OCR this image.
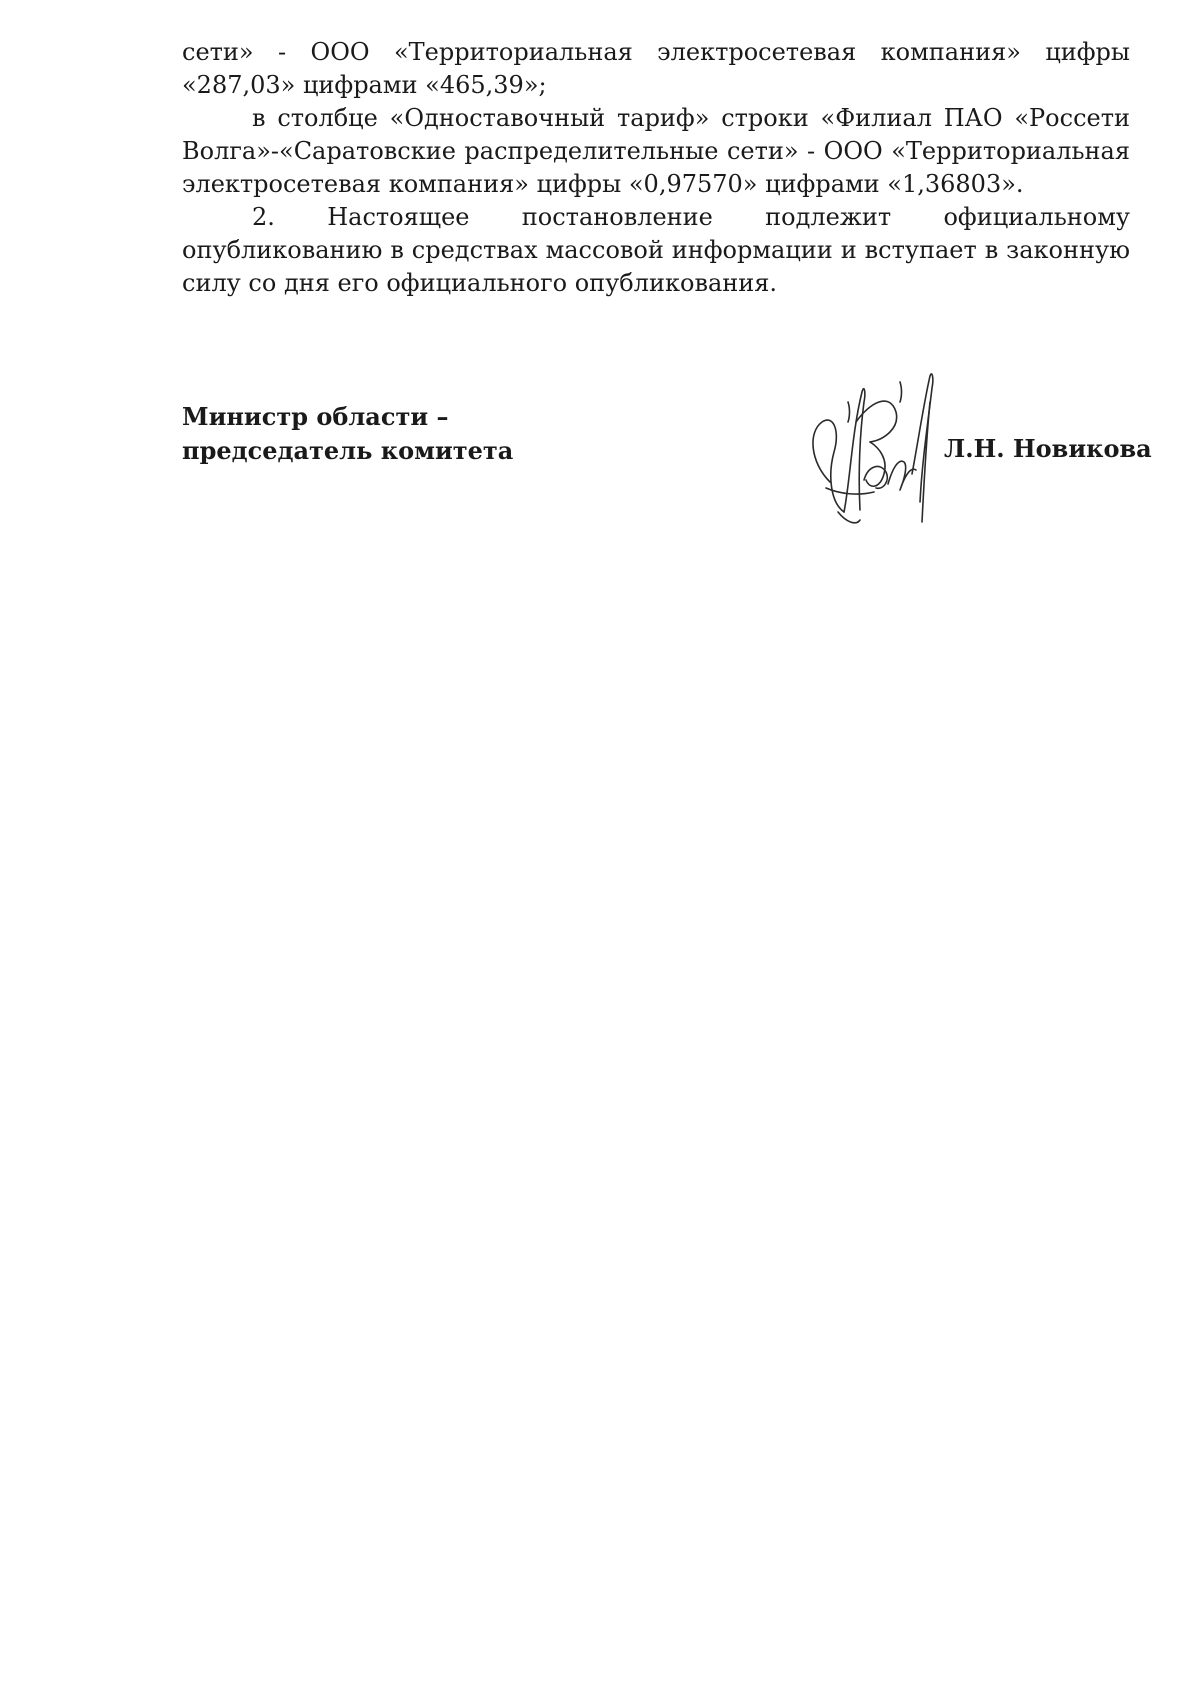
сети» - ООО «Территориальная электросетевая компания» цифры «287,03» цифрами «465,39»;

в столбце «Одноставочный тариф» строки «Филиал ПАО «Россети Волга»-«Саратовские распределительные сети» - ООО «Территориальная электросетевая компания» цифры «0,97570» цифрами «1,36803».

2. Настоящее постановление подлежит официальному опубликованию в средствах массовой информации и вступает в законную силу со дня его официального опубликования.

Министр области –
председатель комитета	Л.Н. Новикова
